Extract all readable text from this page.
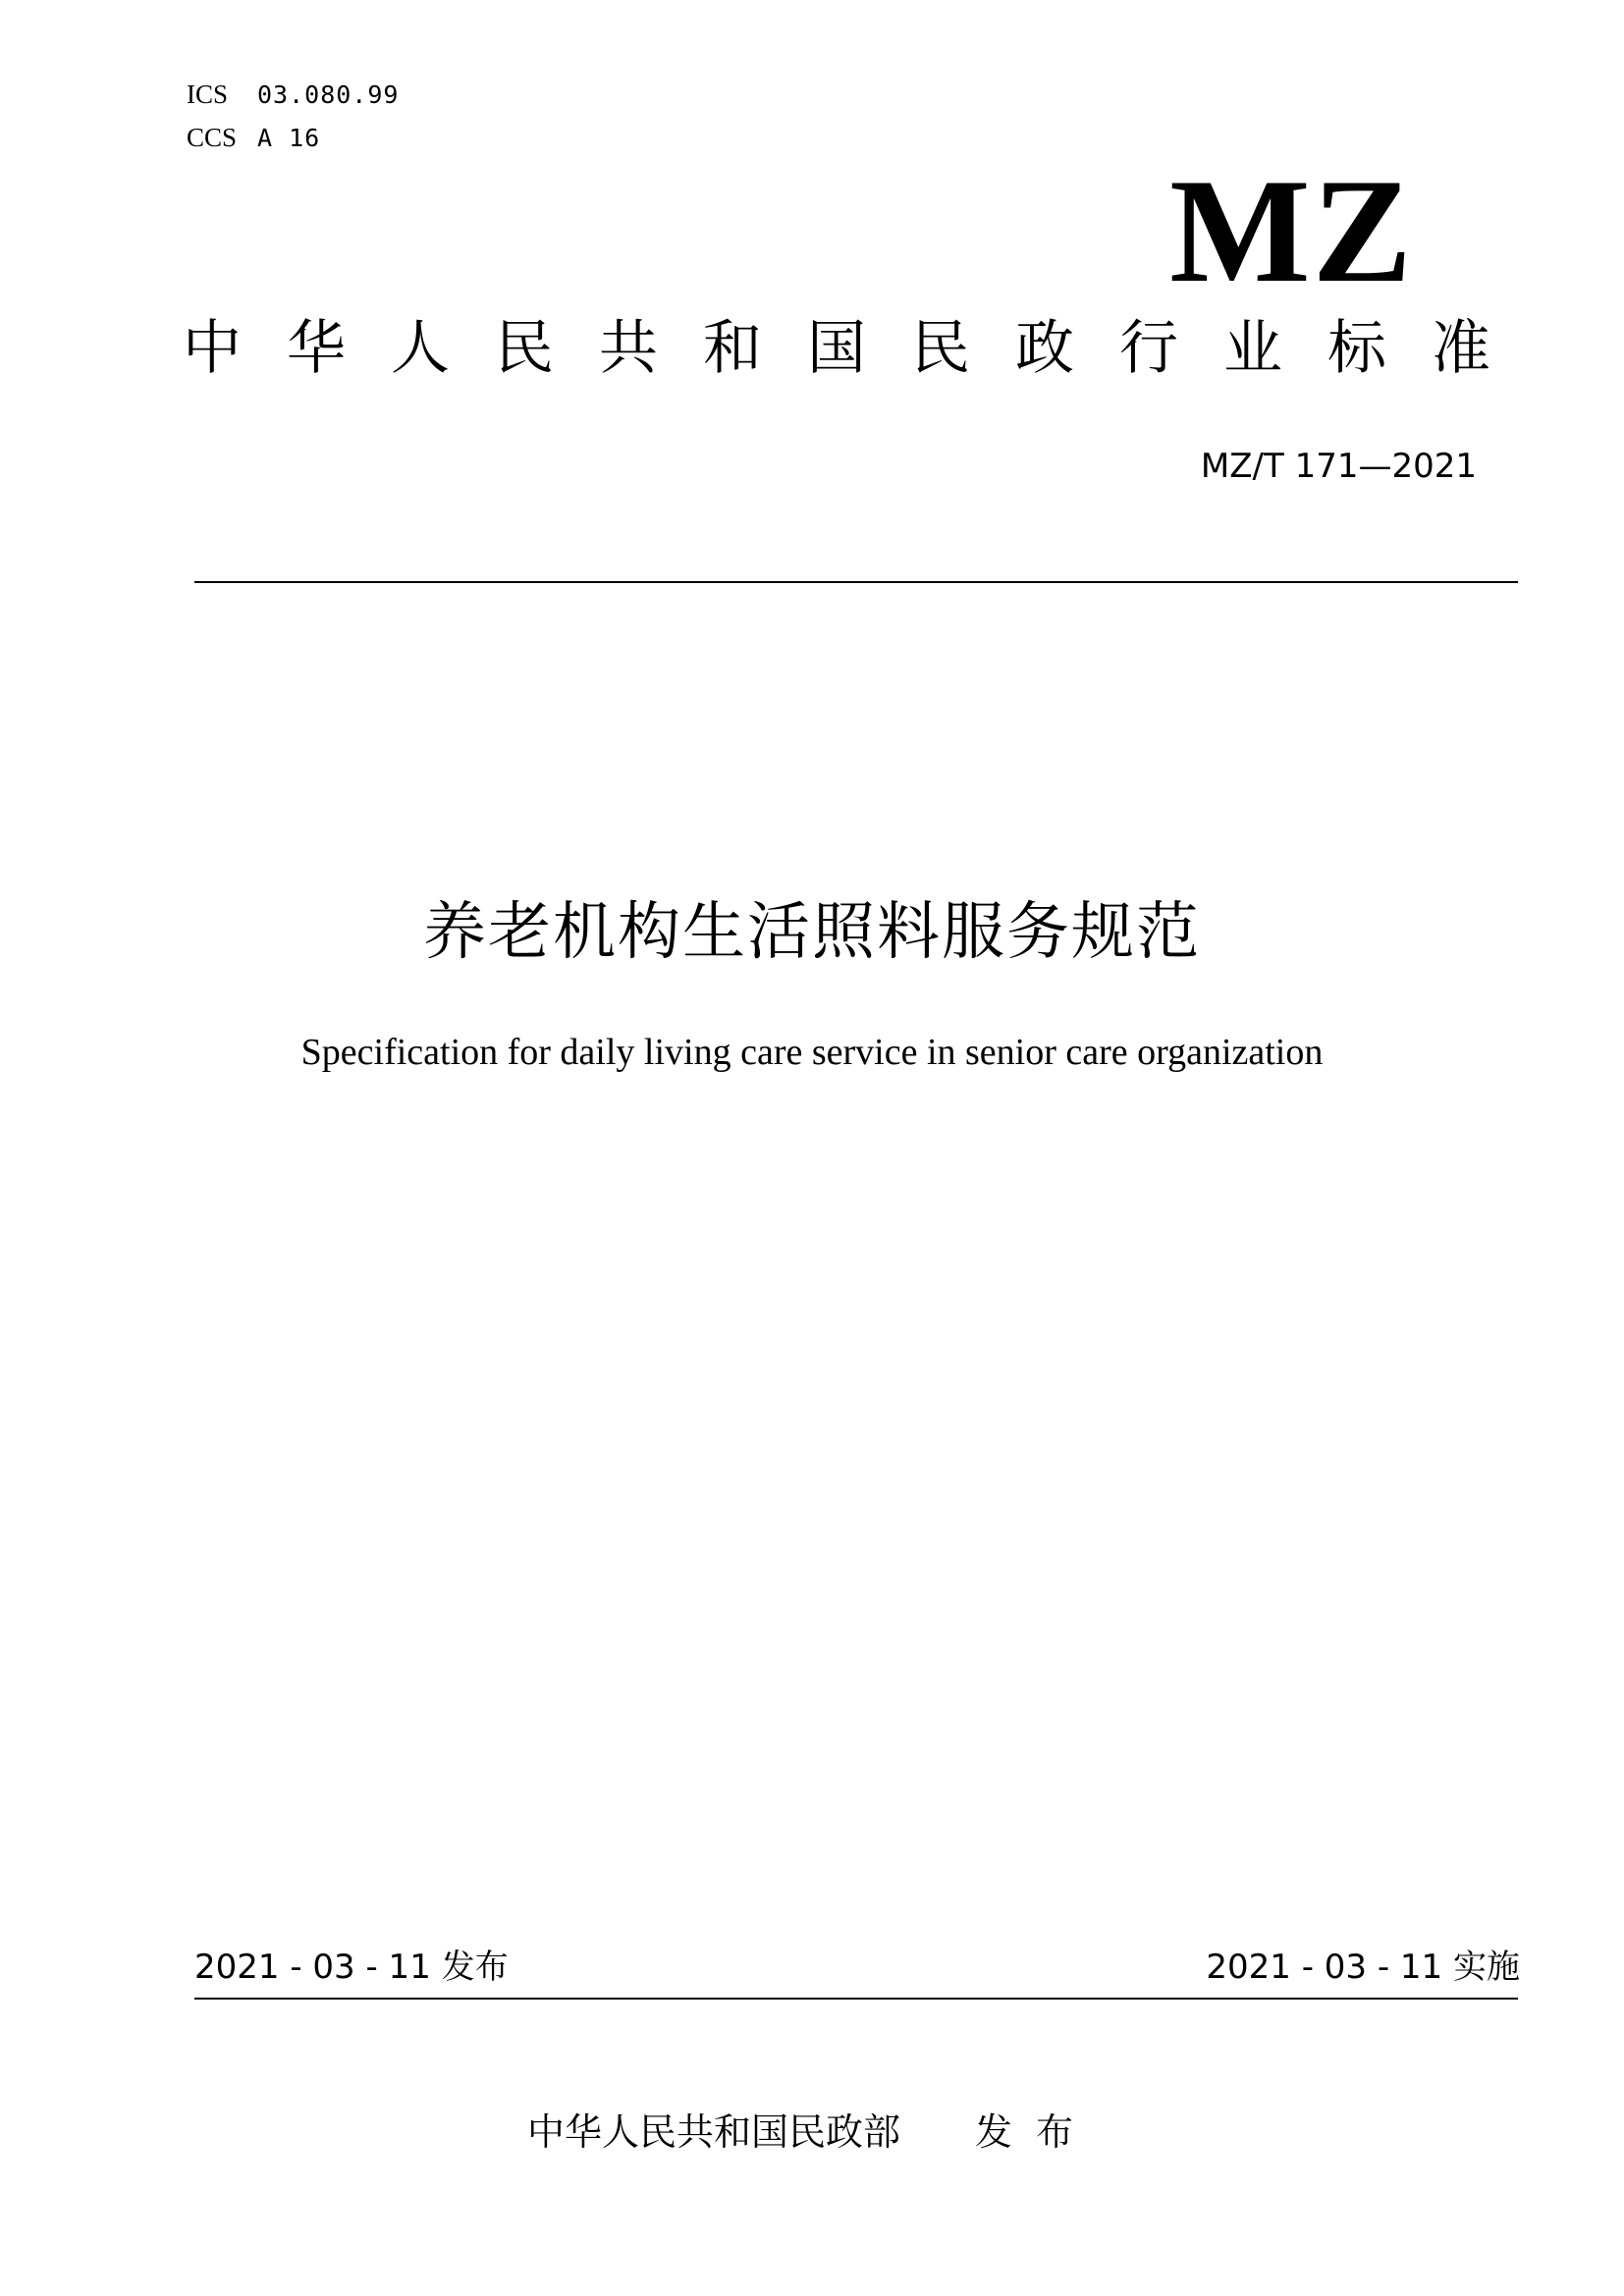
ICS 03.080.99
CCS A 16
MZ
中华人民共和国民政行业标准
MZ/T 171—2021
养老机构生活照料服务规范
Specification for daily living care service in senior care organization
2021 - 03 - 11 发布	2021 - 03 - 11 实施
中华人民共和国民政部 发布
